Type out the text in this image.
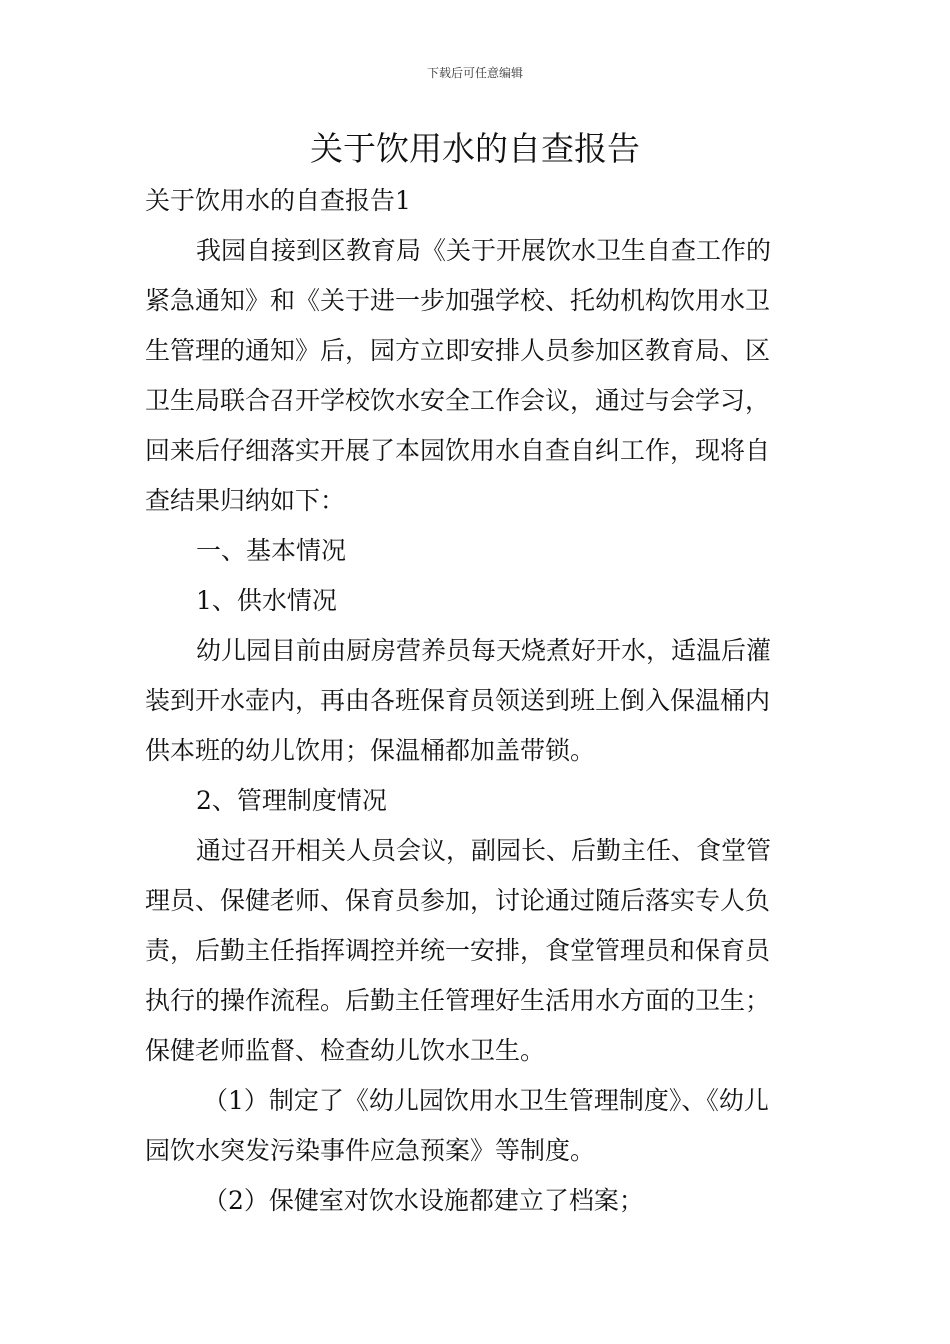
下载后可任意编辑
关于饮用水的自查报告

关于饮用水的自查报告1

我园自接到区教育局《关于开展饮水卫生自查工作的

紧急通知》和《关于进一步加强学校、托幼机构饮用水卫

生管理的通知》后，园方立即安排人员参加区教育局、区

卫生局联合召开学校饮水安全工作会议，通过与会学习，

回来后仔细落实开展了本园饮用水自查自纠工作，现将自

查结果归纳如下：

一、基本情况

1、供水情况

幼儿园目前由厨房营养员每天烧煮好开水，适温后灌

装到开水壶内，再由各班保育员领送到班上倒入保温桶内

供本班的幼儿饮用；保温桶都加盖带锁。

2、管理制度情况

通过召开相关人员会议，副园长、后勤主任、食堂管

理员、保健老师、保育员参加，讨论通过随后落实专人负

责，后勤主任指挥调控并统一安排，食堂管理员和保育员

执行的操作流程。后勤主任管理好生活用水方面的卫生；

保健老师监督、检查幼儿饮水卫生。

（1）制定了《幼儿园饮用水卫生管理制度》、《幼儿

园饮水突发污染事件应急预案》等制度。

（2）保健室对饮水设施都建立了档案；
